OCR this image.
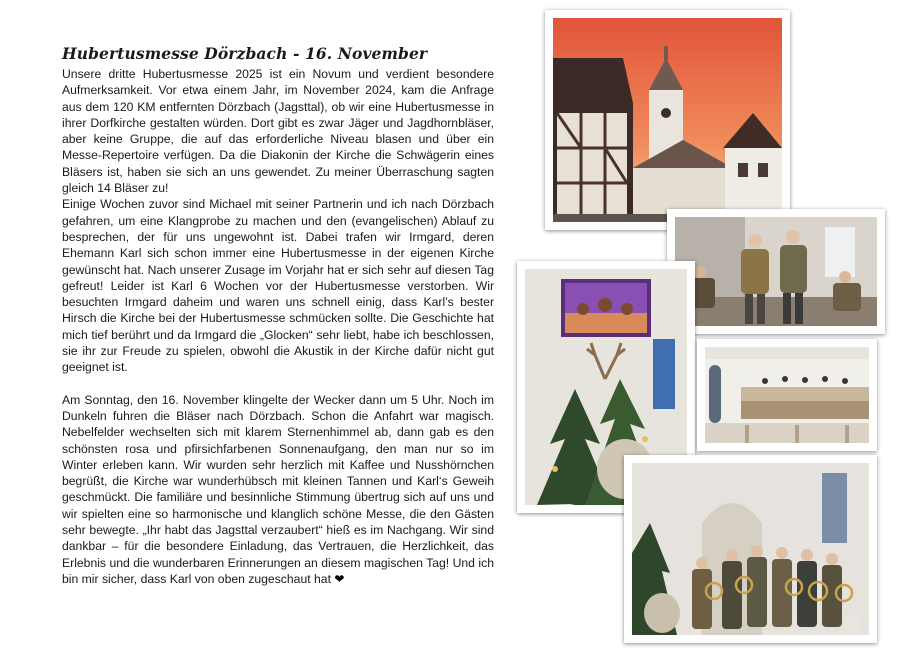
Hubertusmesse Dörzbach - 16. November

Unsere dritte Hubertusmesse 2025 ist ein Novum und verdient besondere Aufmerksamkeit. Vor etwa einem Jahr, im November 2024, kam die Anfrage aus dem 120 KM entfernten Dörzbach (Jagsttal), ob wir eine Hubertusmesse in ihrer Dorfkirche gestalten würden. Dort gibt es zwar Jäger und Jagdhornbläser, aber keine Gruppe, die auf das erforderliche Niveau blasen und über ein Messe-Repertoire verfügen. Da die Diakonin der Kirche die Schwägerin eines Bläsers ist, haben sie sich an uns gewendet. Zu meiner Überraschung sagten gleich 14 Bläser zu!

Einige Wochen zuvor sind Michael mit seiner Partnerin und ich nach Dörzbach gefahren, um eine Klangprobe zu machen und den (evangelischen) Ablauf zu besprechen, der für uns ungewohnt ist. Dabei trafen wir Irmgard, deren Ehemann Karl sich schon immer eine Hubertusmesse in der eigenen Kirche gewünscht hat. Nach unserer Zusage im Vorjahr hat er sich sehr auf diesen Tag gefreut! Leider ist Karl 6 Wochen vor der Hubertusmesse verstorben. Wir besuchten Irmgard daheim und waren uns schnell einig, dass Karl’s bester Hirsch die Kirche bei der Hubertusmesse schmücken sollte. Die Geschichte hat mich tief berührt und da Irmgard die „Glocken“ sehr liebt, habe ich beschlossen, sie ihr zur Freude zu spielen, obwohl die Akustik in der Kirche dafür nicht gut geeignet ist.

Am Sonntag, den 16. November klingelte der Wecker dann um 5 Uhr. Noch im Dunkeln fuhren die Bläser nach Dörzbach. Schon die Anfahrt war magisch. Nebelfelder wechselten sich mit klarem Sternenhimmel ab, dann gab es den schönsten rosa und pfirsichfarbenen Sonnenaufgang, den man nur so im Winter erleben kann. Wir wurden sehr herzlich mit Kaffee und Nusshörnchen begrüßt, die Kirche war wunderhübsch mit kleinen Tannen und Karl‘s Geweih geschmückt. Die familiäre und besinnliche Stimmung übertrug sich auf uns und wir spielten eine so harmonische und klanglich schöne Messe, die den Gästen sehr bewegte. „Ihr habt das Jagsttal verzaubert“ hieß es im Nachgang. Wir sind dankbar – für die besondere Einladung, das Vertrauen, die Herzlichkeit, das Erlebnis und die wunderbaren Erinnerungen an diesem magischen Tag! Und ich bin mir sicher, dass Karl von oben zugeschaut hat ❤
